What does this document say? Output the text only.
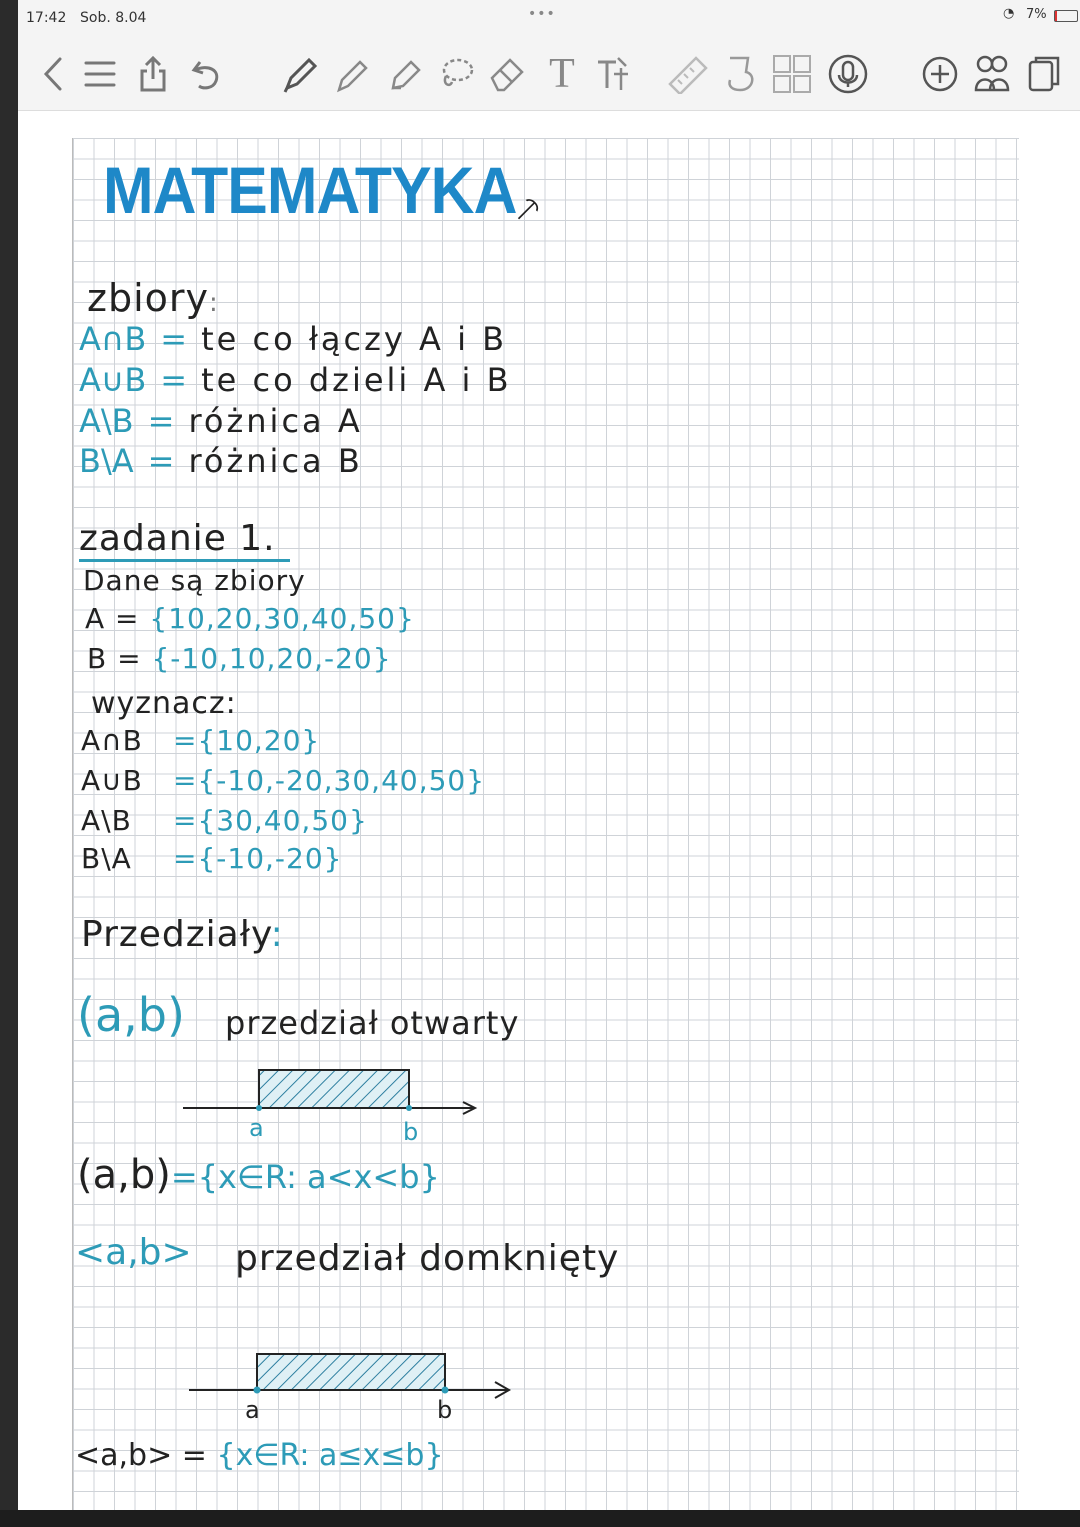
17:42 Sob. 8.04	•••	◔ 7%
T
MATEMATYKA
⸕
zbiory:
A∩B = te co łączy A i B
A∪B = te co dzieli A i B
A\B = różnica A
B\A = różnica B
zadanie 1.
Dane są zbiory
A = {10,20,30,40,50}
B = {-10,10,20,-20}
wyznacz:
A∩B ={10,20}
A∪B ={-10,-20,30,40,50}
A\B ={30,40,50}
B\A ={-10,-20}
Przedziały:
(a,b) przedział otwarty
a	b
(a,b)={x∈R: a<x<b}
<a,b> przedział domknięty
a	b
<a,b> = {x∈R: a≤x≤b}
